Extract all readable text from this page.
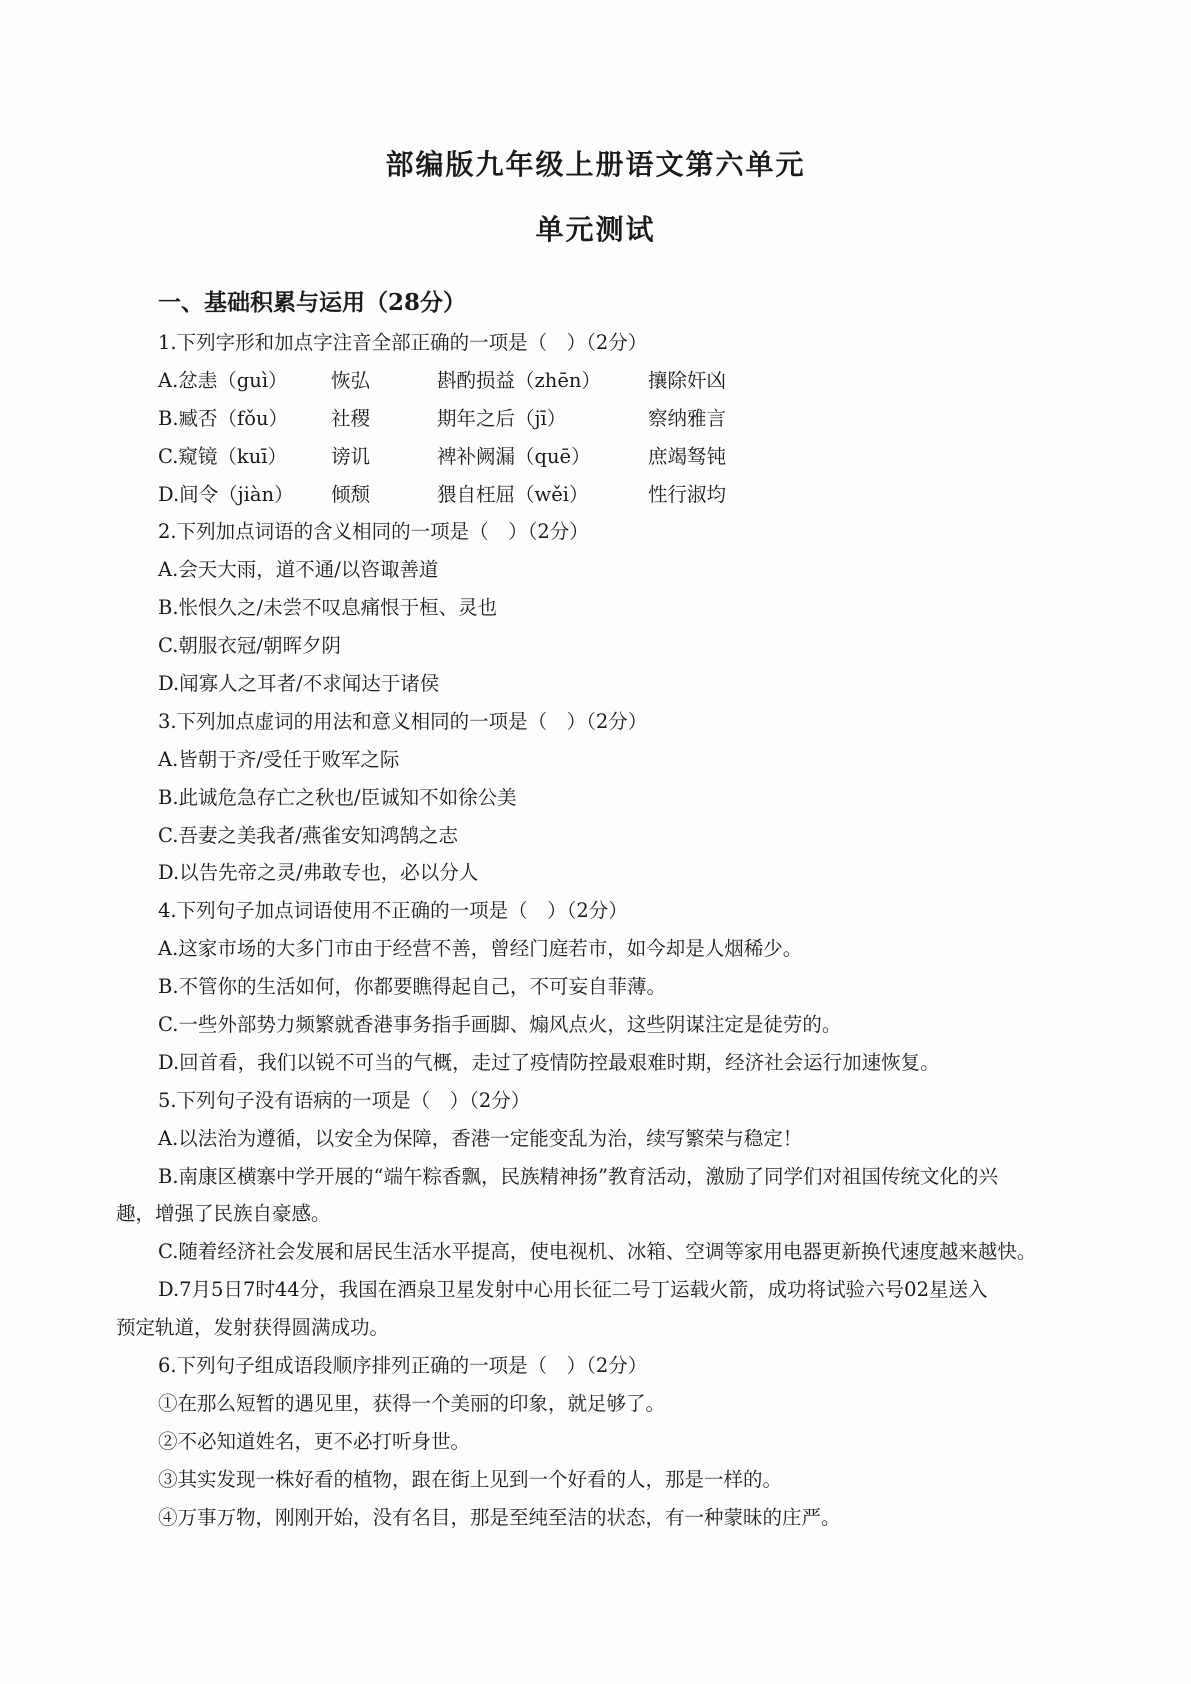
部编版九年级上册语文第六单元
单元测试
一、基础积累与运用（28分）
1.下列字形和加点字注音全部正确的一项是（　）（2分）
A.忿恚（guì）	恢弘	斟酌损益（zhēn）	攘除奸凶
B.臧否（fǒu）	社稷	期年之后（jī）	察纳雅言
C.窥镜（kuī）	谤讥	裨补阙漏（quē）	庶竭驽钝
D.间令（jiàn）	倾颓	猥自枉屈（wěi）	性行淑均
2.下列加点词语的含义相同的一项是（　）（2分）
A.会天大雨，道不通/以咨诹善道
B.怅恨久之/未尝不叹息痛恨于桓、灵也
C.朝服衣冠/朝晖夕阴
D.闻寡人之耳者/不求闻达于诸侯
3.下列加点虚词的用法和意义相同的一项是（　）（2分）
A.皆朝于齐/受任于败军之际
B.此诚危急存亡之秋也/臣诚知不如徐公美
C.吾妻之美我者/燕雀安知鸿鹄之志
D.以告先帝之灵/弗敢专也，必以分人
4.下列句子加点词语使用不正确的一项是（　）（2分）
A.这家市场的大多门市由于经营不善，曾经门庭若市，如今却是人烟稀少。
B.不管你的生活如何，你都要瞧得起自己，不可妄自菲薄。
C.一些外部势力频繁就香港事务指手画脚、煽风点火，这些阴谋注定是徒劳的。
D.回首看，我们以锐不可当的气概，走过了疫情防控最艰难时期，经济社会运行加速恢复。
5.下列句子没有语病的一项是（　）（2分）
A.以法治为遵循，以安全为保障，香港一定能变乱为治，续写繁荣与稳定！
B.南康区横寨中学开展的“端午粽香飘，民族精神扬”教育活动，激励了同学们对祖国传统文化的兴
趣，增强了民族自豪感。
C.随着经济社会发展和居民生活水平提高，使电视机、冰箱、空调等家用电器更新换代速度越来越快。
D.7月5日7时44分，我国在酒泉卫星发射中心用长征二号丁运载火箭，成功将试验六号02星送入
预定轨道，发射获得圆满成功。
6.下列句子组成语段顺序排列正确的一项是（　）（2分）
①在那么短暂的遇见里，获得一个美丽的印象，就足够了。
②不必知道姓名，更不必打听身世。
③其实发现一株好看的植物，跟在街上见到一个好看的人，那是一样的。
④万事万物，刚刚开始，没有名目，那是至纯至洁的状态，有一种蒙昧的庄严。
